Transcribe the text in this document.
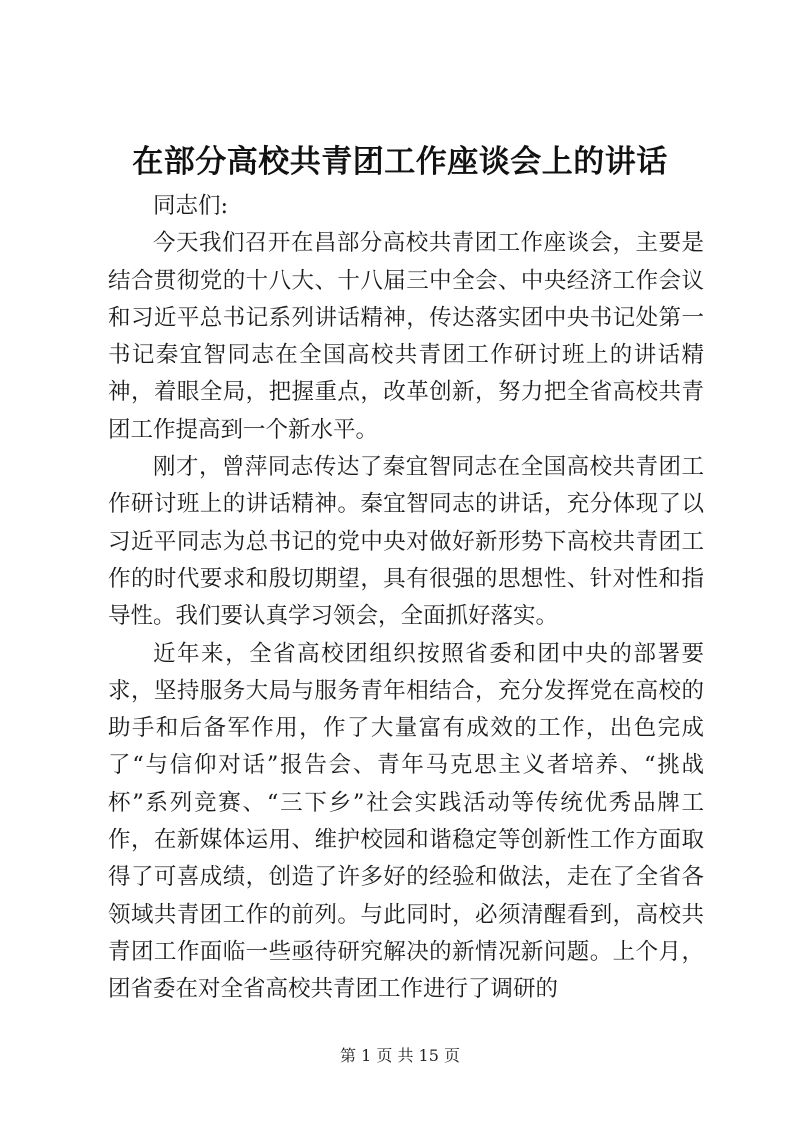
在部分高校共青团工作座谈会上的讲话

同志们:

今天我们召开在昌部分高校共青团工作座谈会，主要是结合贯彻党的十八大、十八届三中全会、中央经济工作会议和习近平总书记系列讲话精神，传达落实团中央书记处第一书记秦宜智同志在全国高校共青团工作研讨班上的讲话精神，着眼全局，把握重点，改革创新，努力把全省高校共青团工作提高到一个新水平。

刚才，曾萍同志传达了秦宜智同志在全国高校共青团工作研讨班上的讲话精神。秦宜智同志的讲话，充分体现了以习近平同志为总书记的党中央对做好新形势下高校共青团工作的时代要求和殷切期望，具有很强的思想性、针对性和指导性。我们要认真学习领会，全面抓好落实。

近年来，全省高校团组织按照省委和团中央的部署要求，坚持服务大局与服务青年相结合，充分发挥党在高校的助手和后备军作用，作了大量富有成效的工作，出色完成了“与信仰对话”报告会、青年马克思主义者培养、“挑战杯”系列竞赛、“三下乡”社会实践活动等传统优秀品牌工作，在新媒体运用、维护校园和谐稳定等创新性工作方面取得了可喜成绩，创造了许多好的经验和做法，走在了全省各领域共青团工作的前列。与此同时，必须清醒看到，高校共青团工作面临一些亟待研究解决的新情况新问题。上个月，团省委在对全省高校共青团工作进行了调研的

第 1 页 共 15 页
